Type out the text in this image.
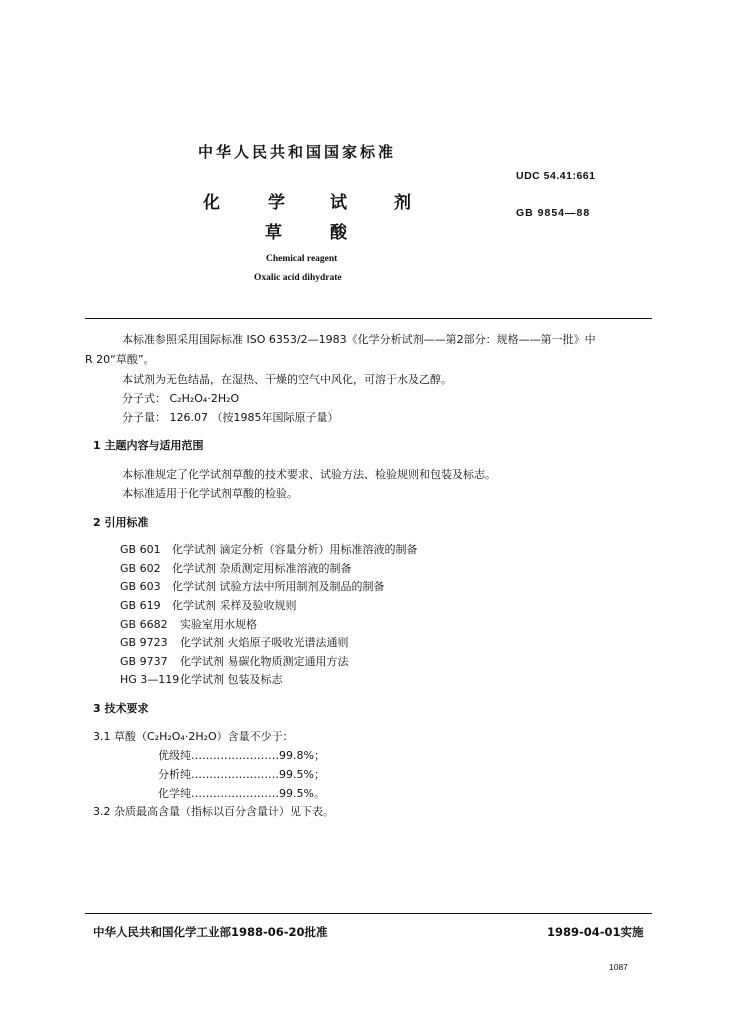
中华人民共和国国家标准
UDC 54.41:661
GB 9854—88
化	学	试	剂
草	酸
Chemical reagent
Oxalic acid dihydrate
本标准参照采用国际标准 ISO 6353/2—1983《化学分析试剂——第2部分：规格——第一批》中
R 20“草酸”。
本试剂为无色结晶，在湿热、干燥的空气中风化，可溶于水及乙醇。
分子式： C₂H₂O₄·2H₂O
分子量： 126.07 （按1985年国际原子量）
1 主题内容与适用范围
本标准规定了化学试剂草酸的技术要求、试验方法、检验规则和包装及标志。
本标准适用于化学试剂草酸的检验。
2 引用标准
GB 601 化学试剂 滴定分析（容量分析）用标准溶液的制备
GB 602 化学试剂 杂质测定用标准溶液的制备
GB 603 化学试剂 试验方法中所用制剂及制品的制备
GB 619 化学试剂 采样及验收规则
GB 6682 实验室用水规格
GB 9723 化学试剂 火焰原子吸收光谱法通则
GB 9737 化学试剂 易碳化物质测定通用方法
HG 3—119化学试剂 包装及标志
3 技术要求
3.1 草酸（C₂H₂O₄·2H₂O）含量不少于：
优级纯……………………99.8%；
分析纯……………………99.5%；
化学纯……………………99.5%。
3.2 杂质最高含量（指标以百分含量计）见下表。
中华人民共和国化学工业部1988-06-20批准	1989-04-01实施
1087
